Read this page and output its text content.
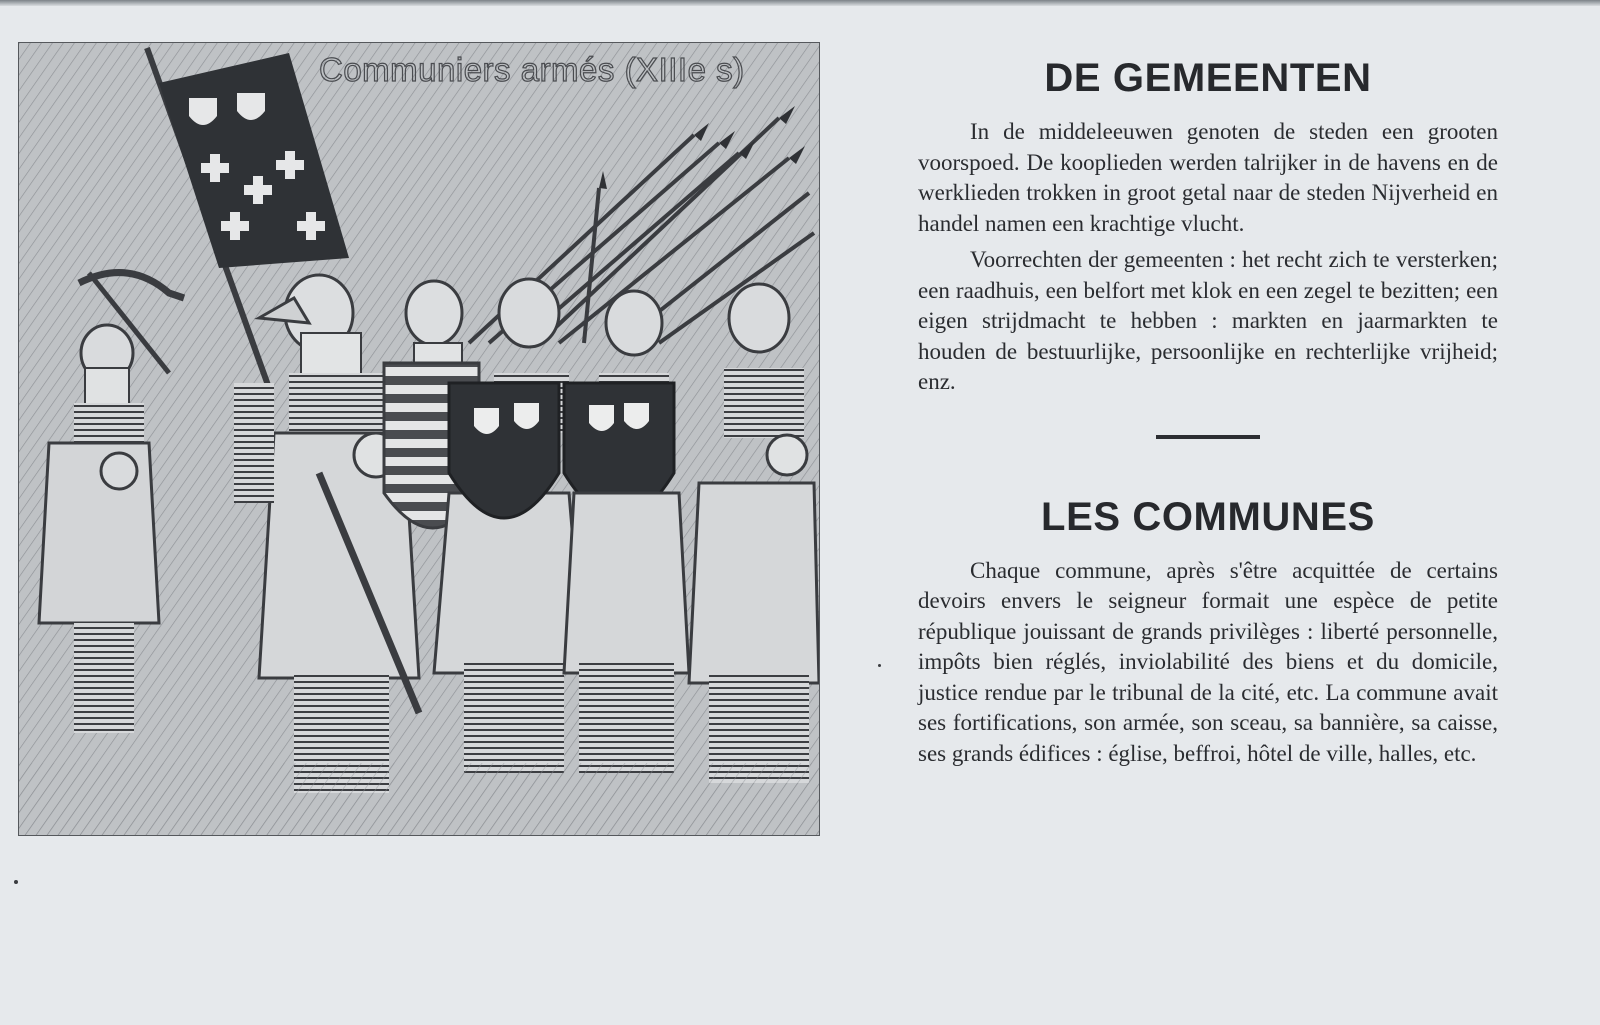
Communiers armés (XIIIe s)	DE GEMEENTEN

In de middeleeuwen genoten de steden een grooten voorspoed. De kooplieden werden talrijker in de havens en de werklieden trokken in groot getal naar de steden Nijverheid en handel namen een krachtige vlucht.

Voorrechten der gemeenten : het recht zich te versterken; een raadhuis, een belfort met klok en een zegel te bezitten; een eigen strijdmacht te hebben : markten en jaarmarkten te houden de bestuurlijke, persoonlijke en rechterlijke vrijheid; enz.

LES COMMUNES

Chaque commune, après s'être acquittée de certains devoirs envers le seigneur formait une espèce de petite république jouissant de grands privilèges : liberté personnelle, impôts bien réglés, inviolabilité des biens et du domicile, justice rendue par le tribunal de la cité, etc. La commune avait ses fortifications, son armée, son sceau, sa bannière, sa caisse, ses grands édifices : église, beffroi, hôtel de ville, halles, etc.
